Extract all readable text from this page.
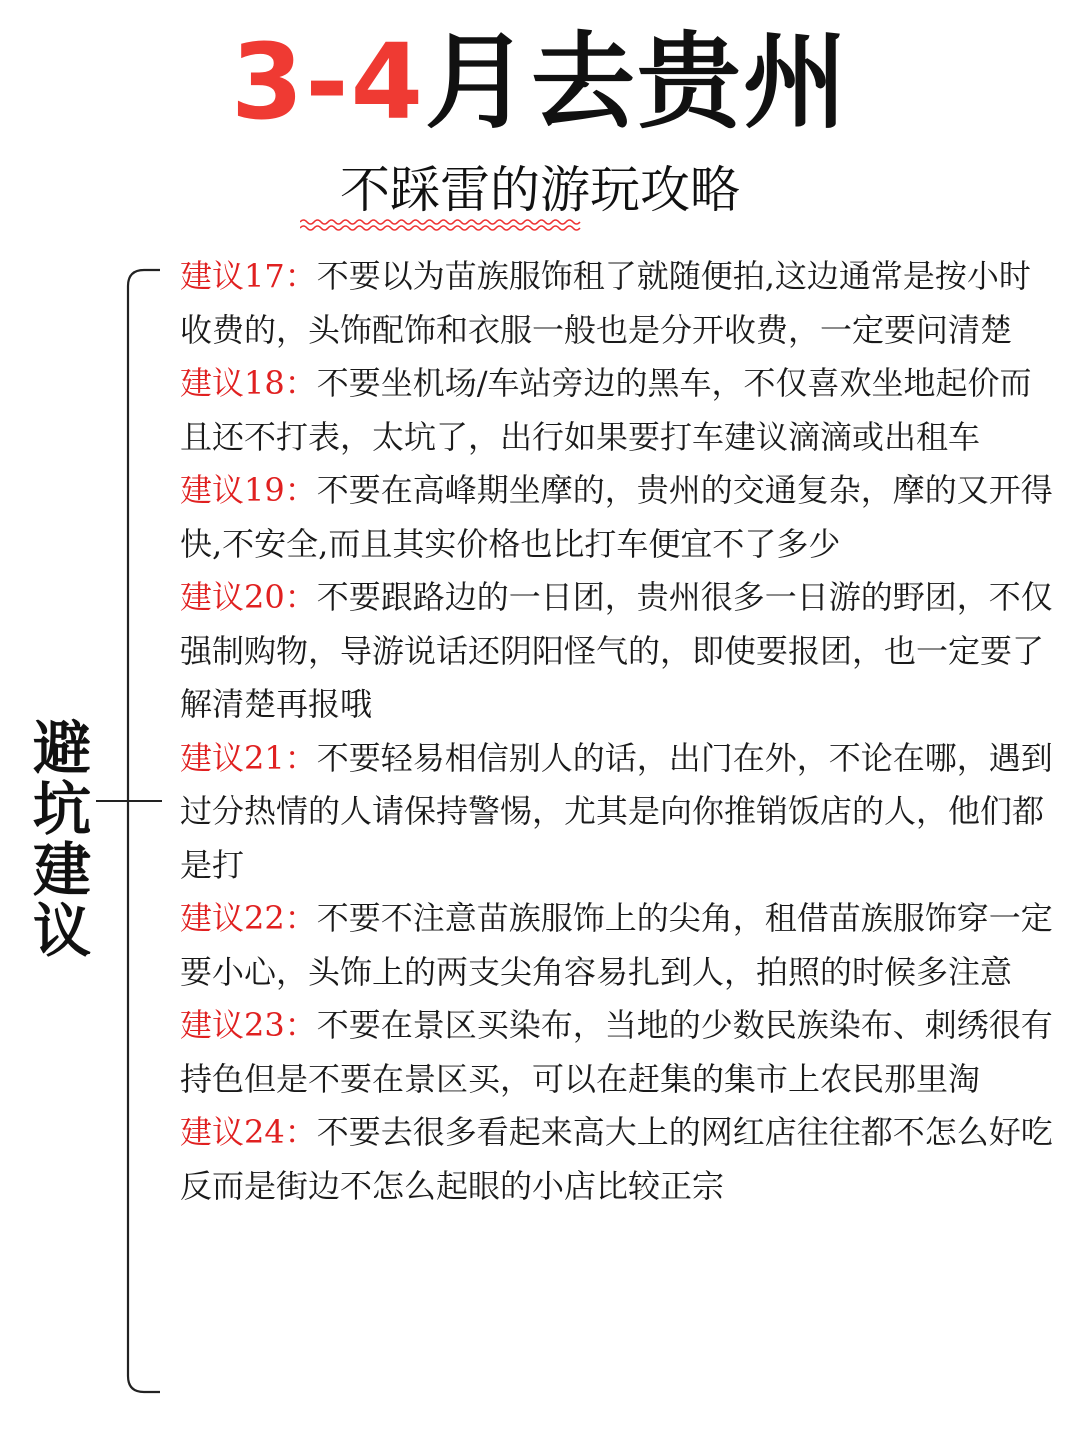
3-4月去贵州
不踩雷的游玩攻略
避
坑
建
议
建议17：不要以为苗族服饰租了就随便拍,这边通常是按小时收费的，头饰配饰和衣服一般也是分开收费，一定要问清楚
建议18：不要坐机场/车站旁边的黑车，不仅喜欢坐地起价而且还不打表，太坑了，出行如果要打车建议滴滴或出租车
建议19：不要在高峰期坐摩的，贵州的交通复杂，摩的又开得快,不安全,而且其实价格也比打车便宜不了多少
建议20：不要跟路边的一日团，贵州很多一日游的野团，不仅强制购物，导游说话还阴阳怪气的，即使要报团，也一定要了解清楚再报哦
建议21：不要轻易相信别人的话，出门在外，不论在哪，遇到过分热情的人请保持警惕，尤其是向你推销饭店的人，他们都是打
建议22：不要不注意苗族服饰上的尖角，租借苗族服饰穿一定要小心，头饰上的两支尖角容易扎到人，拍照的时候多注意
建议23：不要在景区买染布，当地的少数民族染布、刺绣很有持色但是不要在景区买，可以在赶集的集市上农民那里淘
建议24：不要去很多看起来高大上的网红店往往都不怎么好吃反而是街边不怎么起眼的小店比较正宗
